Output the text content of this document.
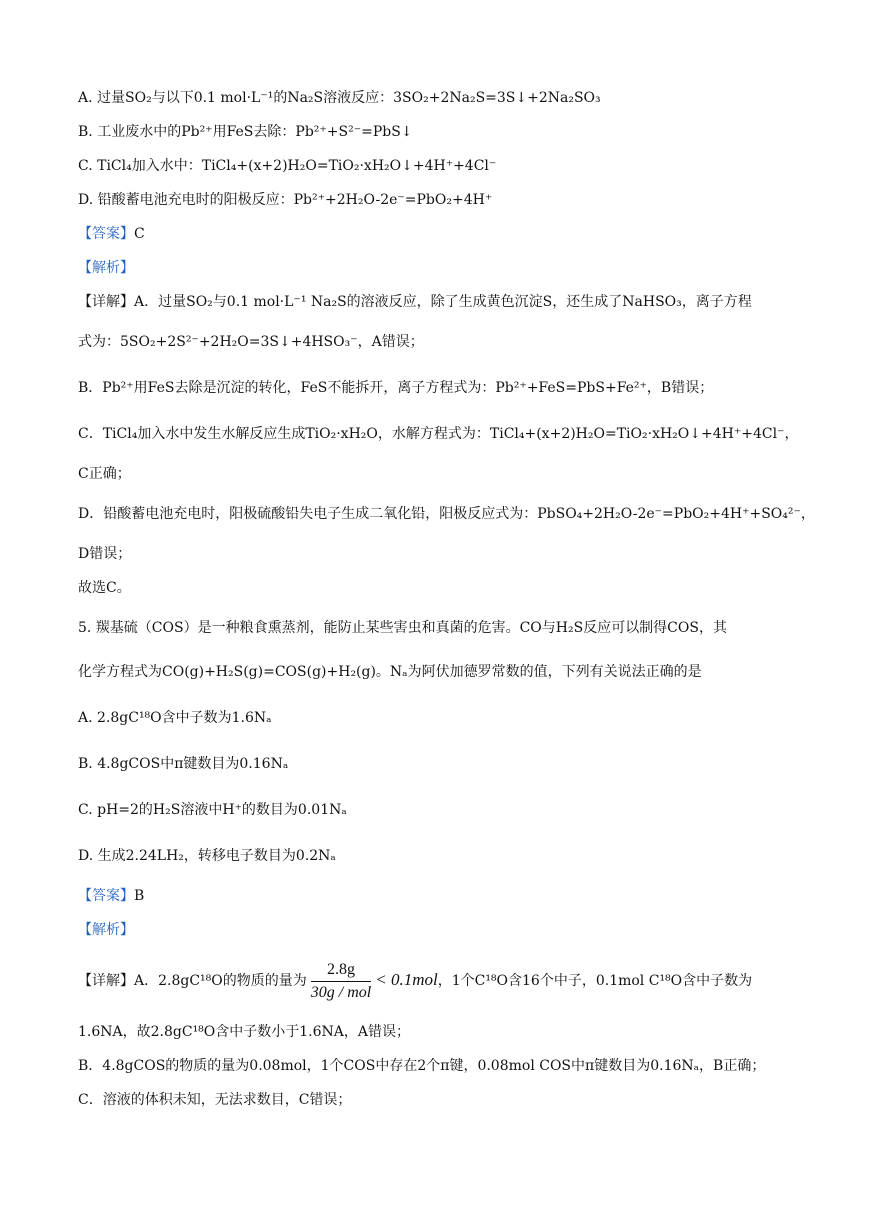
A. 过量SO₂与以下0.1 mol·L⁻¹的Na₂S溶液反应：3SO₂+2Na₂S=3S↓+2Na₂SO₃
B. 工业废水中的Pb²⁺用FeS去除：Pb²⁺+S²⁻=PbS↓
C. TiCl₄加入水中：TiCl₄+(x+2)H₂O=TiO₂·xH₂O↓+4H⁺+4Cl⁻
D. 铅酸蓄电池充电时的阳极反应：Pb²⁺+2H₂O-2e⁻=PbO₂+4H⁺
【答案】C
【解析】
【详解】A．过量SO₂与0.1 mol·L⁻¹ Na₂S的溶液反应，除了生成黄色沉淀S，还生成了NaHSO₃，离子方程
式为：5SO₂+2S²⁻+2H₂O=3S↓+4HSO₃⁻，A错误；
B．Pb²⁺用FeS去除是沉淀的转化，FeS不能拆开，离子方程式为：Pb²⁺+FeS=PbS+Fe²⁺，B错误；
C．TiCl₄加入水中发生水解反应生成TiO₂·xH₂O，水解方程式为：TiCl₄+(x+2)H₂O=TiO₂·xH₂O↓+4H⁺+4Cl⁻，
C正确；
D．铅酸蓄电池充电时，阳极硫酸铅失电子生成二氧化铅，阳极反应式为：PbSO₄+2H₂O-2e⁻=PbO₂+4H⁺+SO₄²⁻，
D错误；
故选C。
5. 羰基硫（COS）是一种粮食熏蒸剂，能防止某些害虫和真菌的危害。CO与H₂S反应可以制得COS，其
化学方程式为CO(g)+H₂S(g)=COS(g)+H₂(g)。Nₐ为阿伏加德罗常数的值，下列有关说法正确的是
A. 2.8gC¹⁸O含中子数为1.6Nₐ
B. 4.8gCOS中π键数目为0.16Nₐ
C. pH=2的H₂S溶液中H⁺的数目为0.01Nₐ
D. 生成2.24LH₂，转移电子数目为0.2Nₐ
【答案】B
【解析】
【详解】A．2.8gC¹⁸O的物质的量为 $\frac{2.8g}{\text{30g / mol}} < 0.1mol$，1个C¹⁸O含16个中子，0.1mol C¹⁸O含中子数为
1.6NA，故2.8gC¹⁸O含中子数小于1.6NA，A错误；
B．4.8gCOS的物质的量为0.08mol，1个COS中存在2个π键，0.08mol COS中π键数目为0.16Nₐ，B正确；
C．溶液的体积未知，无法求数目，C错误；
